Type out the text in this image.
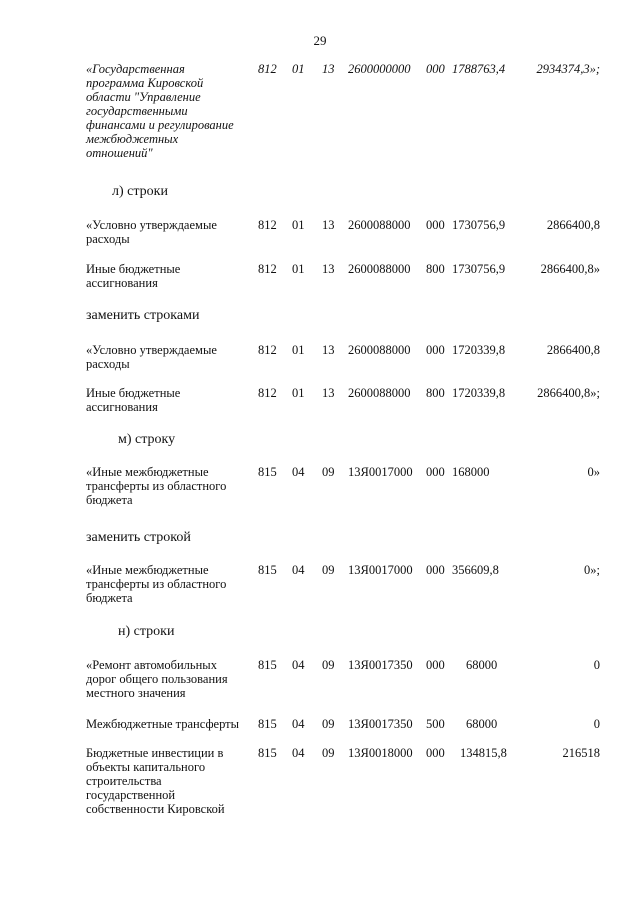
29
«Государственная программа Кировской области "Управление государственными финансами и регулирование межбюджетных отношений"
812 01 13 2600000000 000 1788763,4	2934374,3»;
л) строки
«Условно утверждаемые расходы
812 01 13 2600088000 000 1730756,9	2866400,8
Иные бюджетные ассигнования
812 01 13 2600088000 800 1730756,9	2866400,8»
заменить строками
«Условно утверждаемые расходы
812 01 13 2600088000 000 1720339,8	2866400,8
Иные бюджетные ассигнования
812 01 13 2600088000 800 1720339,8	2866400,8»;
м) строку
«Иные межбюджетные трансферты из областного бюджета
815 04 09 13Я0017000 000 168000	0»
заменить строкой
«Иные межбюджетные трансферты из областного бюджета
815 04 09 13Я0017000 000 356609,8	0»;
н) строки
«Ремонт автомобильных дорог общего пользования местного значения
815 04 09 13Я0017350 000 68000	0
Межбюджетные трансферты	815 04 09 13Я0017350 500 68000	0
Бюджетные инвестиции в объекты капитального строительства государственной собственности Кировской
815 04 09 13Я0018000 000 134815,8	216518
